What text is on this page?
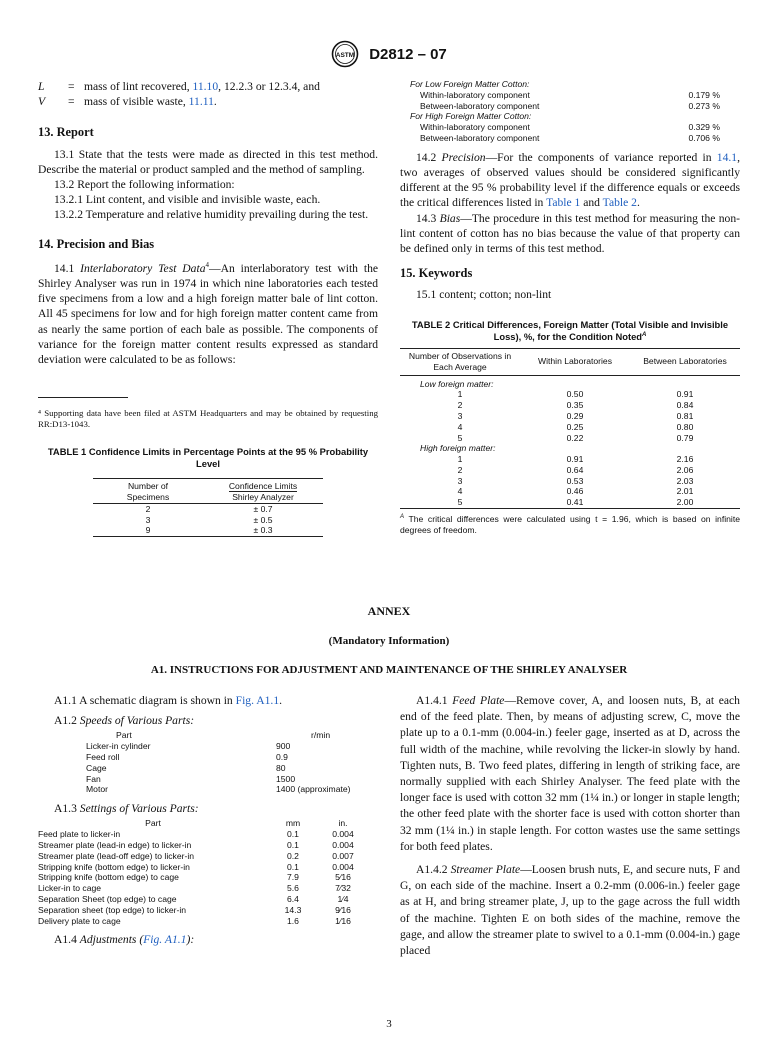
ASTM D2812 – 07
L	= mass of lint recovered, 11.10, 12.2.3 or 12.3.4, and
V	= mass of visible waste, 11.11.
13. Report

13.1 State that the tests were made as directed in this test method. Describe the material or product sampled and the method of sampling.

13.2 Report the following information:

13.2.1 Lint content, and visible and invisible waste, each.

13.2.2 Temperature and relative humidity prevailing during the test.

14. Precision and Bias

14.1 Interlaboratory Test Data$^4$—An interlaboratory test with the Shirley Analyser was run in 1974 in which nine laboratories each tested five specimens from a low and a high foreign matter bale of lint cotton. All 45 specimens for low and for high foreign matter content came from as nearly the same portion of each bale as possible. The components of variance for the foreign matter content results expressed as standard deviation were calculated to be as follows:

⁴ Supporting data have been filed at ASTM Headquarters and may be obtained by requesting RR:D13-1043.

TABLE 1 Confidence Limits in Percentage Points at the 95 % Probability Level
Number of	Confidence Limits
Specimens	Shirley Analyzer
2	± 0.7
3	± 0.5
9	± 0.3
For Low Foreign Matter Cotton:
Within-laboratory component	0.179 %
Between-laboratory component	0.273 %
For High Foreign Matter Cotton:
Within-laboratory component	0.329 %
Between-laboratory component	0.706 %

14.2 Precision—For the components of variance reported in 14.1, two averages of observed values should be considered significantly different at the 95 % probability level if the difference equals or exceeds the critical differences listed in Table 1 and Table 2.

14.3 Bias—The procedure in this test method for measuring the non-lint content of cotton has no bias because the value of that property can be defined only in terms of this test method.

15. Keywords

15.1 content; cotton; non-lint

TABLE 2 Critical Differences, Foreign Matter (Total Visible and Invisible Loss), %, for the Condition Noted$^A$
Number of Observations in Each Average	Within Laboratories	Between Laboratories
Low foreign matter:		
1	0.50	0.91
2	0.35	0.84
3	0.29	0.81
4	0.25	0.80
5	0.22	0.79
High foreign matter:		
1	0.91	2.16
2	0.64	2.06
3	0.53	2.03
4	0.46	2.01
5	0.41	2.00

$^A$ The critical differences were calculated using t = 1.96, which is based on infinite degrees of freedom.

ANNEX
(Mandatory Information)
A1. INSTRUCTIONS FOR ADJUSTMENT AND MAINTENANCE OF THE SHIRLEY ANALYSER

A1.1 A schematic diagram is shown in Fig. A1.1.

A1.2 Speeds of Various Parts:

Part	r/min
Licker-in cylinder	900
Feed roll	0.9
Cage	80
Fan	1500
Motor	1400 (approximate)

A1.3 Settings of Various Parts:

Part	mm	in.
Feed plate to licker-in	0.1	0.004
Streamer plate (lead-in edge) to licker-in	0.1	0.004
Streamer plate (lead-off edge) to licker-in	0.2	0.007
Stripping knife (bottom edge) to licker-in	0.1	0.004
Stripping knife (bottom edge) to cage	7.9	5⁄16
Licker-in to cage	5.6	7⁄32
Separation Sheet (top edge) to cage	6.4	1⁄4
Separation sheet (top edge) to licker-in	14.3	9⁄16
Delivery plate to cage	1.6	1⁄16

A1.4 Adjustments (Fig. A1.1):

A1.4.1 Feed Plate—Remove cover, A, and loosen nuts, B, at each end of the feed plate. Then, by means of adjusting screw, C, move the plate up to a 0.1-mm (0.004-in.) feeler gage, inserted as at D, across the full width of the machine, while revolving the licker-in slowly by hand. Tighten nuts, B. Two feed plates, differing in length of striking face, are normally supplied with each Shirley Analyser. The feed plate with the longer face is used with cotton 32 mm (1¼ in.) or longer in staple length; the other feed plate with the shorter face is used with cotton shorter than 32 mm (1¼ in.) in staple length. For cotton wastes use the same settings for both feed plates.

A1.4.2 Streamer Plate—Loosen brush nuts, E, and secure nuts, F and G, on each side of the machine. Insert a 0.2-mm (0.006-in.) feeler gage as at H, and bring streamer plate, J, up to the gage across the full width of the machine. Tighten E on both sides of the machine, remove the gage, and allow the streamer plate to swivel to a 0.1-mm (0.004-in.) gage placed

3
